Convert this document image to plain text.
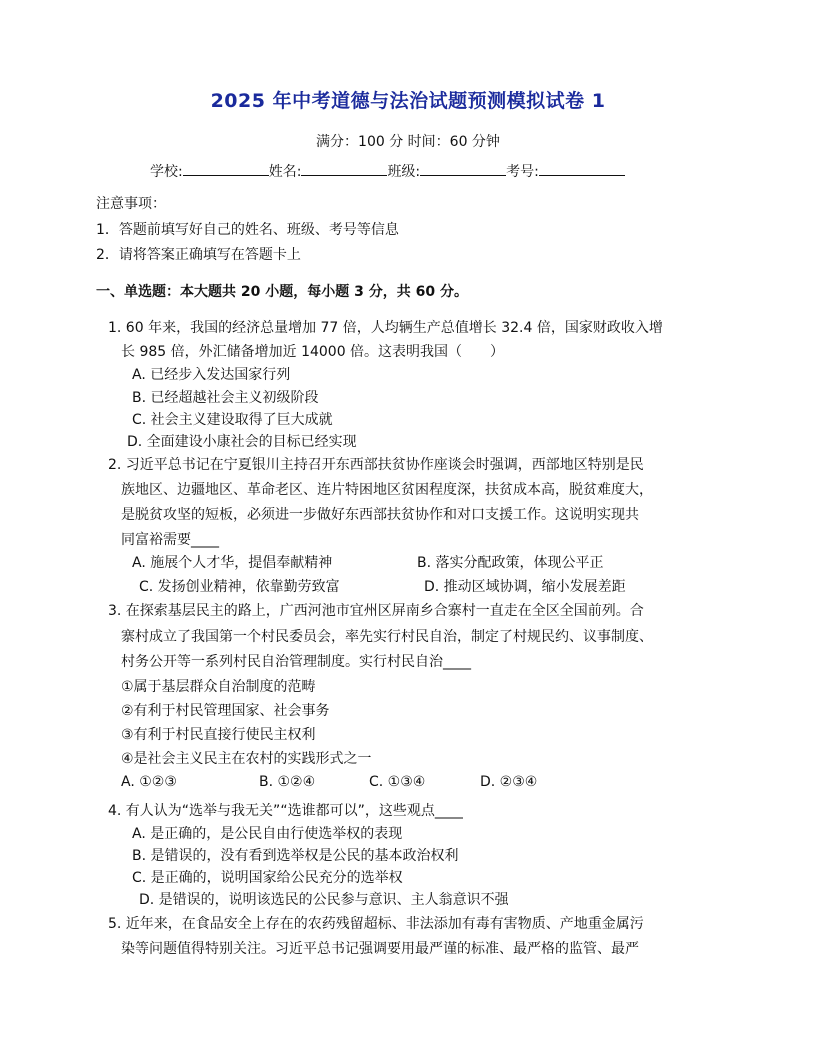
2025 年中考道德与法治试题预测模拟试卷 1
满分：100 分 时间：60 分钟
学校:	姓名:	班级:	考号:
注意事项：
1．答题前填写好自己的姓名、班级、考号等信息
2．请将答案正确填写在答题卡上
一、单选题：本大题共 20 小题，每小题 3 分，共 60 分。
1. 60 年来，我国的经济总量增加 77 倍，人均辆生产总值增长 32.4 倍，国家财政收入增
长 985 倍，外汇储备增加近 14000 倍。这表明我国（　　）
A. 已经步入发达国家行列
B. 已经超越社会主义初级阶段
C. 社会主义建设取得了巨大成就
D. 全面建设小康社会的目标已经实现
2. 习近平总书记在宁夏银川主持召开东西部扶贫协作座谈会时强调，西部地区特别是民
族地区、边疆地区、革命老区、连片特困地区贫困程度深，扶贫成本高，脱贫难度大，
是脱贫攻坚的短板，必须进一步做好东西部扶贫协作和对口支援工作。这说明实现共
同富裕需要____
A. 施展个人才华，提倡奉献精神	B. 落实分配政策，体现公平正
C. 发扬创业精神，依靠勤劳致富	D. 推动区域协调，缩小发展差距
3. 在探索基层民主的路上，广西河池市宜州区屏南乡合寨村一直走在全区全国前列。合
寨村成立了我国第一个村民委员会，率先实行村民自治，制定了村规民约、议事制度、
村务公开等一系列村民自治管理制度。实行村民自治____
①属于基层群众自治制度的范畴
②有利于村民管理国家、社会事务
③有利于村民直接行使民主权利
④是社会主义民主在农村的实践形式之一
A. ①②③	B. ①②④	C. ①③④	D. ②③④
4. 有人认为“选举与我无关”“选谁都可以”，这些观点____
A. 是正确的，是公民自由行使选举权的表现
B. 是错误的，没有看到选举权是公民的基本政治权利
C. 是正确的，说明国家给公民充分的选举权
D. 是错误的，说明该选民的公民参与意识、主人翁意识不强
5. 近年来，在食品安全上存在的农药残留超标、非法添加有毒有害物质、产地重金属污
染等问题值得特别关注。习近平总书记强调要用最严谨的标准、最严格的监管、最严
